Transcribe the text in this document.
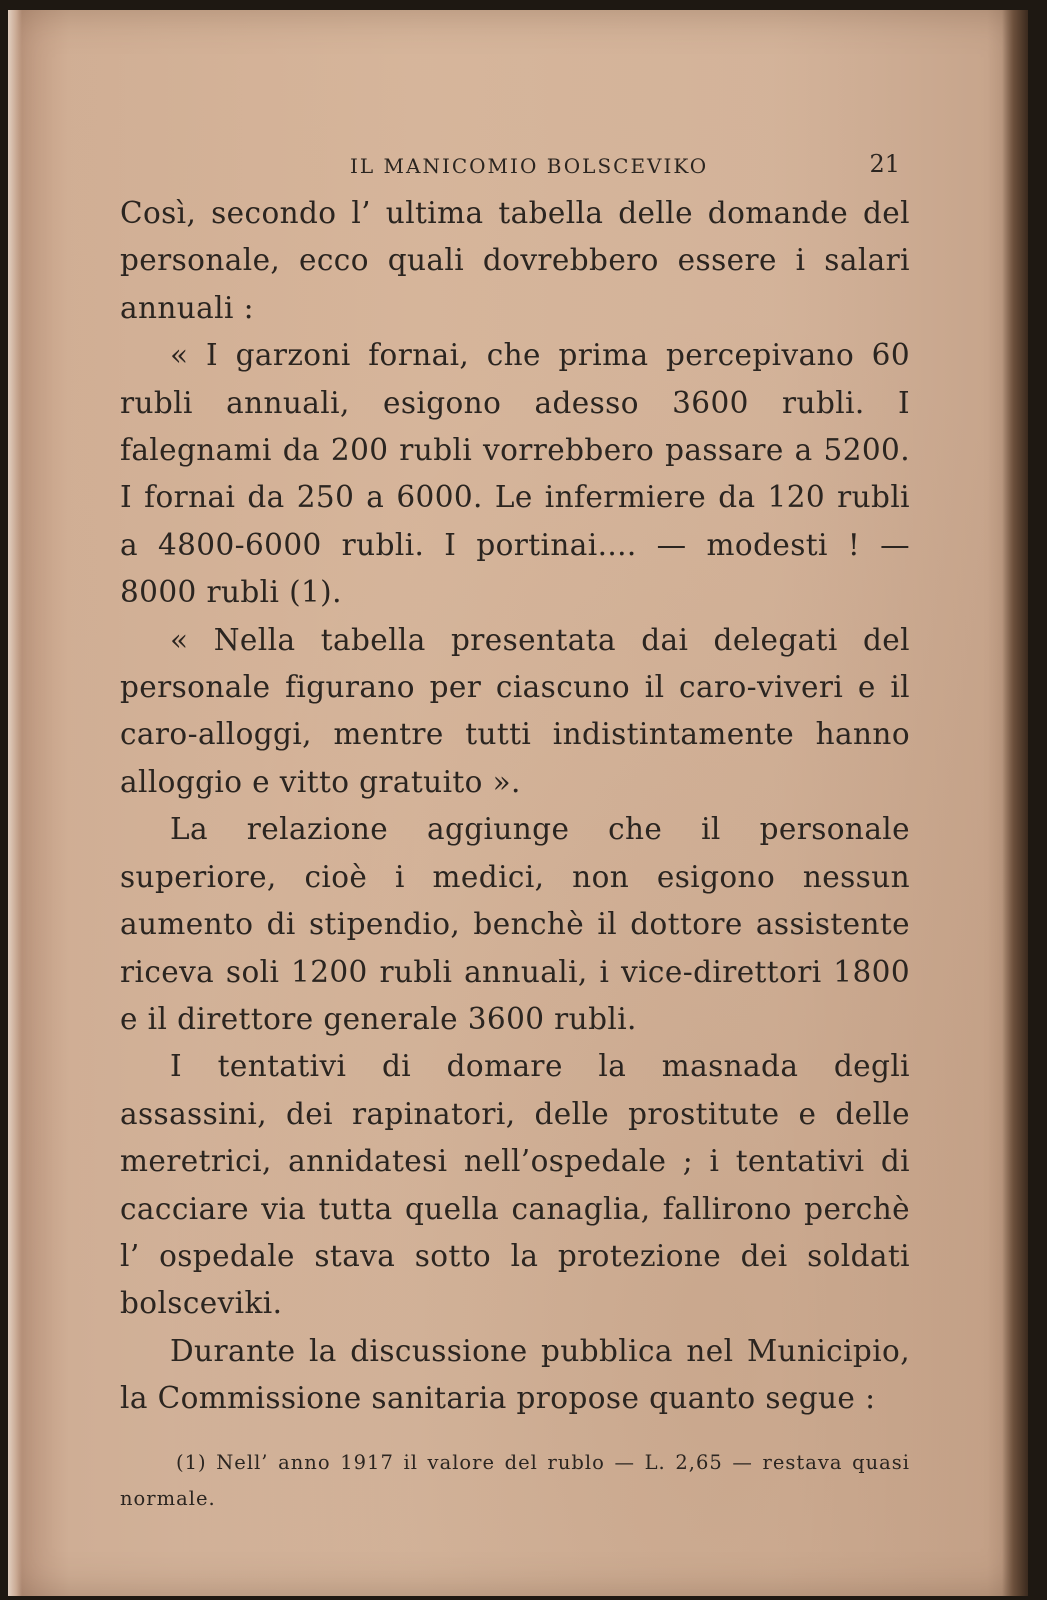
IL MANICOMIO BOLSCEVIKO	21

Così, secondo l’ ultima tabella delle domande del personale, ecco quali dovrebbero essere i salari annuali :

« I garzoni fornai, che prima percepivano 60 rubli annuali, esigono adesso 3600 rubli. I falegnami da 200 rubli vorrebbero passare a 5200. I fornai da 250 a 6000. Le infermiere da 120 rubli a 4800-6000 rubli. I portinai.... — modesti ! — 8000 rubli (1).

« Nella tabella presentata dai delegati del personale figurano per ciascuno il caro-viveri e il caro-alloggi, mentre tutti indistintamente hanno alloggio e vitto gratuito ».

La relazione aggiunge che il personale superiore, cioè i medici, non esigono nessun aumento di stipendio, benchè il dottore assistente riceva soli 1200 rubli annuali, i vice-direttori 1800 e il direttore generale 3600 rubli.

I tentativi di domare la masnada degli assassini, dei rapinatori, delle prostitute e delle meretrici, annidatesi nell’ospedale ; i tentativi di cacciare via tutta quella canaglia, fallirono perchè l’ ospedale stava sotto la protezione dei soldati bolsceviki.

Durante la discussione pubblica nel Municipio, la Commissione sanitaria propose quanto segue :

(1) Nell’ anno 1917 il valore del rublo — L. 2,65 — restava quasi normale.
